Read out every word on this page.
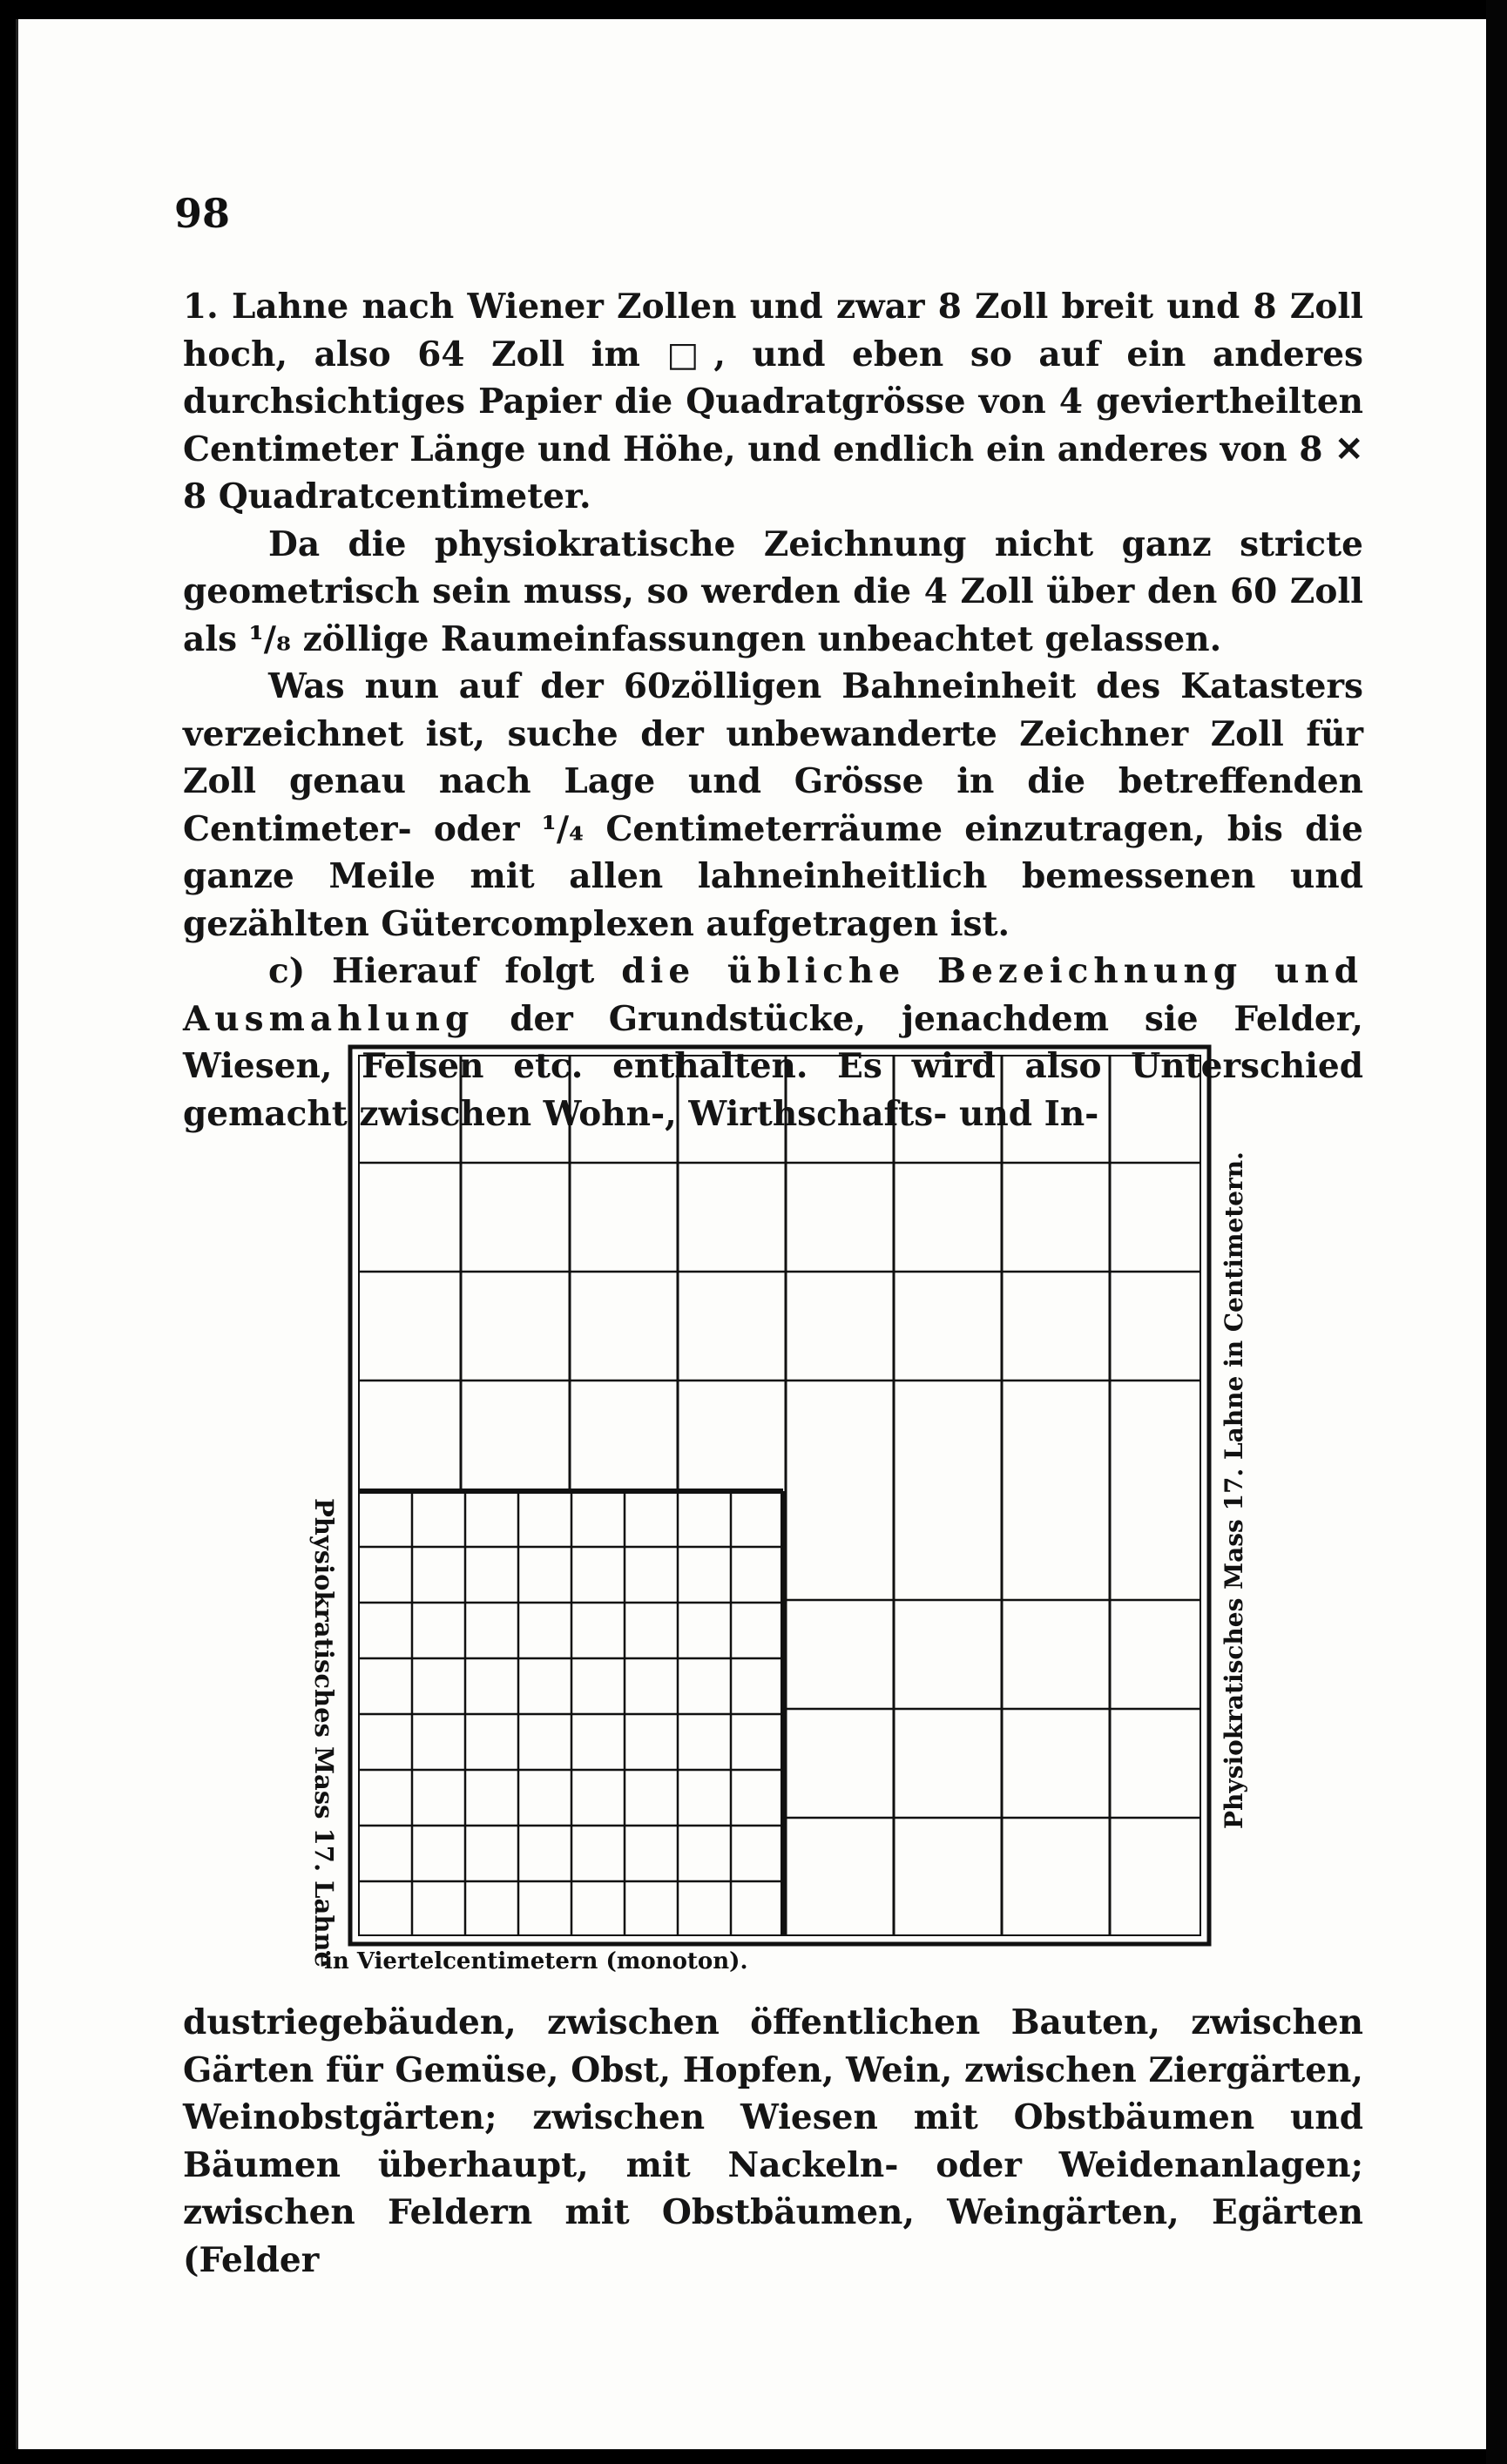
98

1. Lahne nach Wiener Zollen und zwar 8 Zoll breit und 8 Zoll hoch, also 64 Zoll im □, und eben so auf ein anderes durchsichtiges Papier die Quadratgrösse von 4 geviertheilten Centimeter Länge und Höhe, und endlich ein anderes von 8 ✕ 8 Quadratcentimeter.

Da die physiokratische Zeichnung nicht ganz stricte geometrisch sein muss, so werden die 4 Zoll über den 60 Zoll als ¹/₈ zöllige Raumeinfassungen unbeachtet gelassen.

Was nun auf der 60zölligen Bahneinheit des Katasters verzeichnet ist, suche der unbewanderte Zeichner Zoll für Zoll genau nach Lage und Grösse in die betreffenden Centimeter- oder ¹/₄ Centimeterräume einzutragen, bis die ganze Meile mit allen lahneinheitlich bemessenen und gezählten Gütercomplexen aufgetragen ist.

c) Hierauf folgt die übliche Bezeichnung und Ausmahlung der Grundstücke, jenachdem sie Felder, Wiesen, Felsen etc. enthalten. Es wird also Unterschied gemacht zwischen Wohn-, Wirthschafts- und In-

Physiokratisches Mass 17. Lahne	Physiokratisches Mass 17. Lahne in Centimetern.
in Viertelcentimetern (monoton).

dustriegebäuden, zwischen öffentlichen Bauten, zwischen Gärten für Gemüse, Obst, Hopfen, Wein, zwischen Ziergärten, Weinobstgärten; zwischen Wiesen mit Obstbäumen und Bäumen überhaupt, mit Nackeln- oder Weidenanlagen; zwischen Feldern mit Obstbäumen, Weingärten, Egärten (Felder
